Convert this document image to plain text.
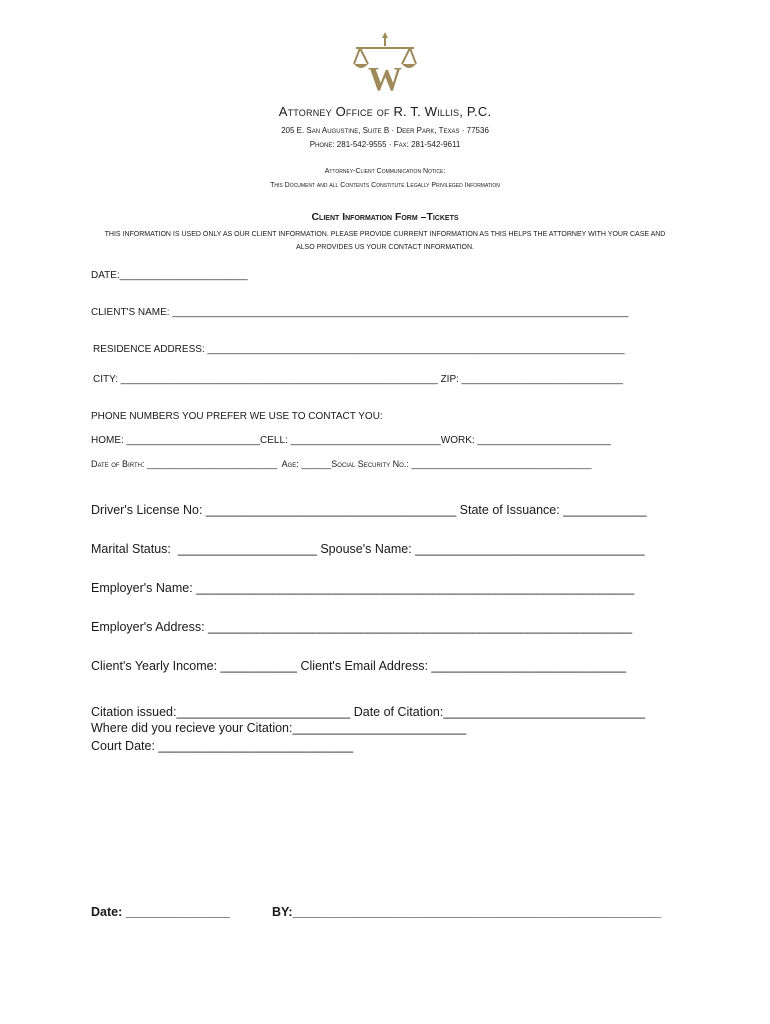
W
Attorney Office of R. T. Willis, P.C.
205 E. San Augustine, Suite B · Deer Park, Texas · 77536
Phone: 281-542-9555 · Fax: 281-542-9611
Attorney-Client Communication Notice:
This Document and all Contents Constitute Legally Privileged Information
Client Information Form –Tickets
THIS INFORMATION IS USED ONLY AS OUR CLIENT INFORMATION. PLEASE PROVIDE CURRENT INFORMATION AS THIS HELPS THE ATTORNEY WITH YOUR CASE AND
ALSO PROVIDES US YOUR CONTACT INFORMATION.
DATE:_______________________
CLIENT'S NAME: __________________________________________________________________________________
RESIDENCE ADDRESS: ___________________________________________________________________________
CITY: _________________________________________________________ ZIP: _____________________________
PHONE NUMBERS YOU PREFER WE USE TO CONTACT YOU:
HOME: ________________________CELL: ___________________________WORK: ________________________
Date of Birth: __________________________  Age: ______Social Security No.: ____________________________________
Driver's License No: ____________________________________ State of Issuance: ____________
Marital Status:  ____________________ Spouse's Name: _________________________________
Employer's Name: _______________________________________________________________
Employer's Address: _____________________________________________________________
Client's Yearly Income: ___________ Client's Email Address: ____________________________
Citation issued:_________________________ Date of Citation:_____________________________
Where did you recieve your Citation:_________________________
Court Date: ____________________________
Date: _______________	BY:_____________________________________________________
